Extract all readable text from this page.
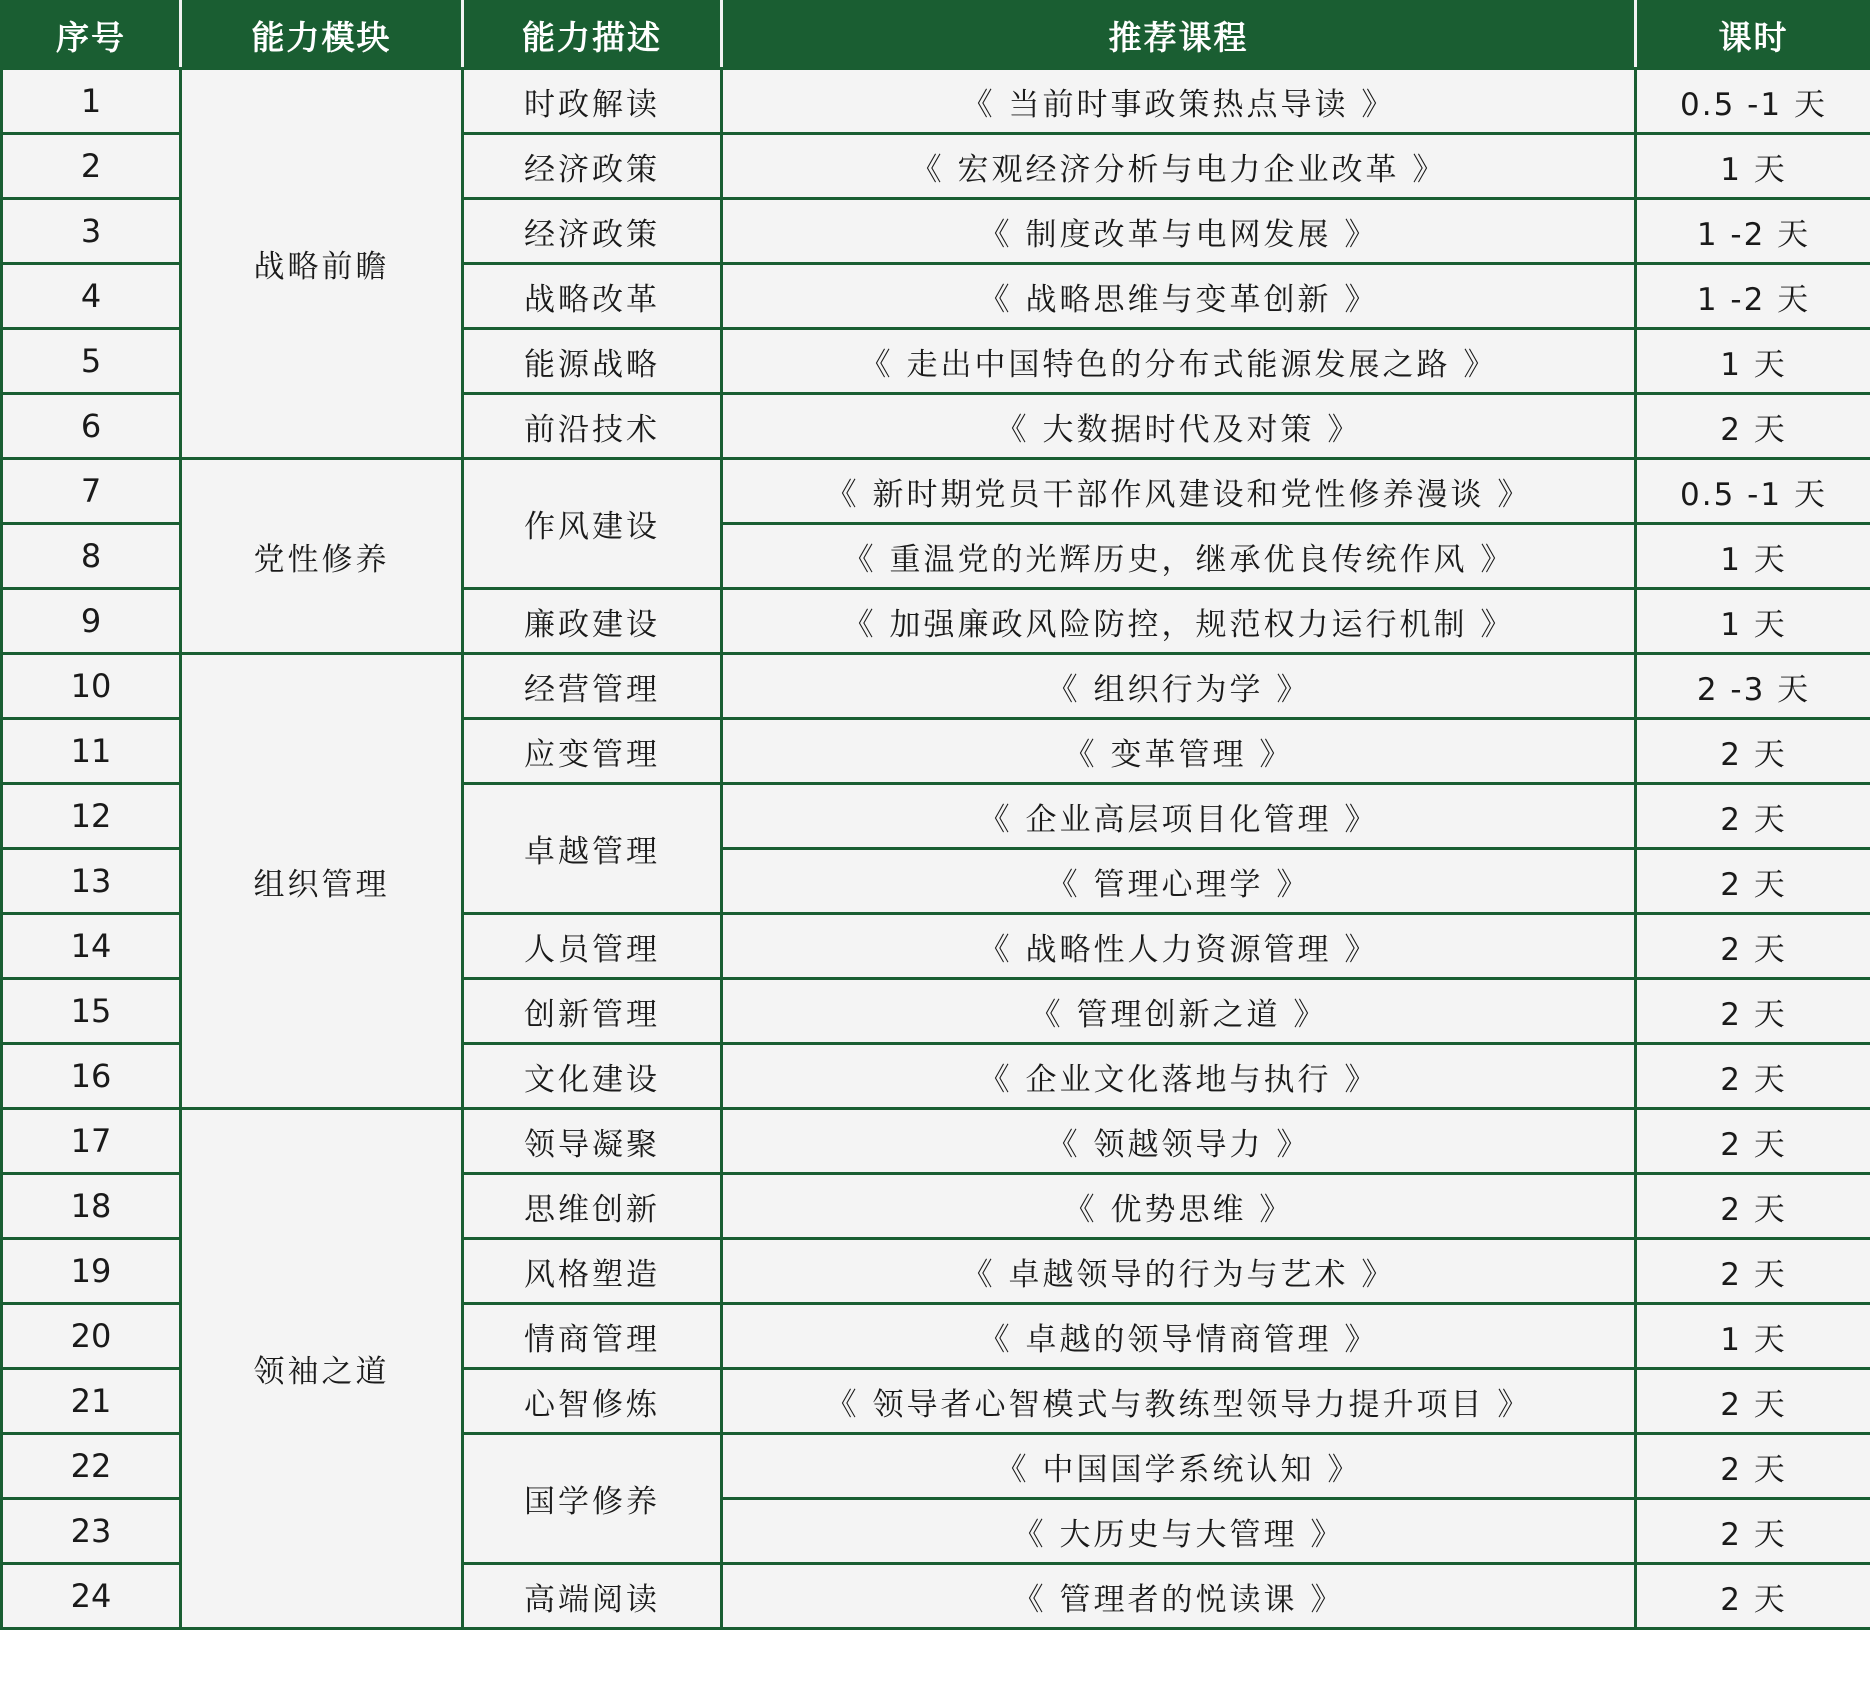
序号	能力模块	能力描述	推荐课程	课时
1	战略前瞻	时政解读	《 当前时事政策热点导读 》	0.5 -1 天
2		经济政策	《 宏观经济分析与电力企业改革 》	1 天
3		经济政策	《 制度改革与电网发展 》	1 -2 天
4		战略改革	《 战略思维与变革创新 》	1 -2 天
5		能源战略	《 走出中国特色的分布式能源发展之路 》	1 天
6		前沿技术	《 大数据时代及对策 》	2 天
7	党性修养	作风建设	《 新时期党员干部作风建设和党性修养漫谈 》	0.5 -1 天
8			《 重温党的光辉历史，继承优良传统作风 》	1 天
9		廉政建设	《 加强廉政风险防控，规范权力运行机制 》	1 天
10	组织管理	经营管理	《 组织行为学 》	2 -3 天
11		应变管理	《 变革管理 》	2 天
12		卓越管理	《 企业高层项目化管理 》	2 天
13			《 管理心理学 》	2 天
14		人员管理	《 战略性人力资源管理 》	2 天
15		创新管理	《 管理创新之道 》	2 天
16		文化建设	《 企业文化落地与执行 》	2 天
17	领袖之道	领导凝聚	《 领越领导力 》	2 天
18		思维创新	《 优势思维 》	2 天
19		风格塑造	《 卓越领导的行为与艺术 》	2 天
20		情商管理	《 卓越的领导情商管理 》	1 天
21		心智修炼	《 领导者心智模式与教练型领导力提升项目 》	2 天
22		国学修养	《 中国国学系统认知 》	2 天
23			《 大历史与大管理 》	2 天
24		高端阅读	《 管理者的悦读课 》	2 天
